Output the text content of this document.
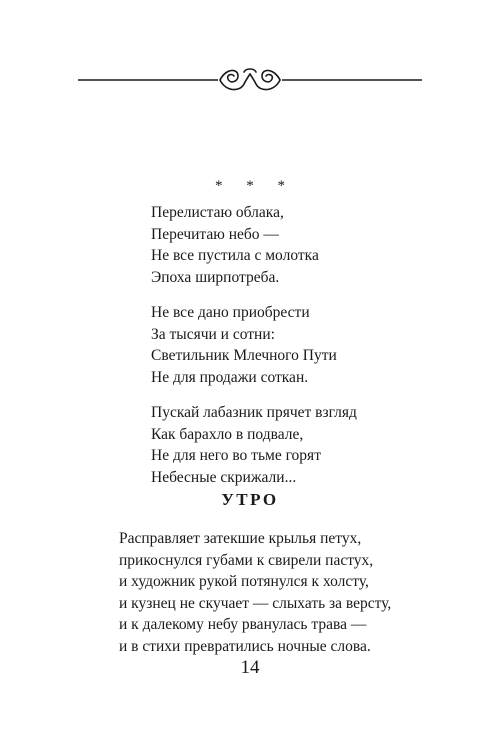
* * *
Перелистаю облака,
Перечитаю небо —
Не все пустила с молотка
Эпоха ширпотреба.
Не все дано приобрести
За тысячи и сотни:
Светильник Млечного Пути
Не для продажи соткан.
Пускай лабазник прячет взгляд
Как барахло в подвале,
Не для него во тьме горят
Небесные скрижали...
УТРО
Расправляет затекшие крылья петух,
прикоснулся губами к свирели пастух,
и художник рукой потянулся к холсту,
и кузнец не скучает — слыхать за версту,
и к далекому небу рванулась трава —
и в стихи превратились ночные слова.
14
